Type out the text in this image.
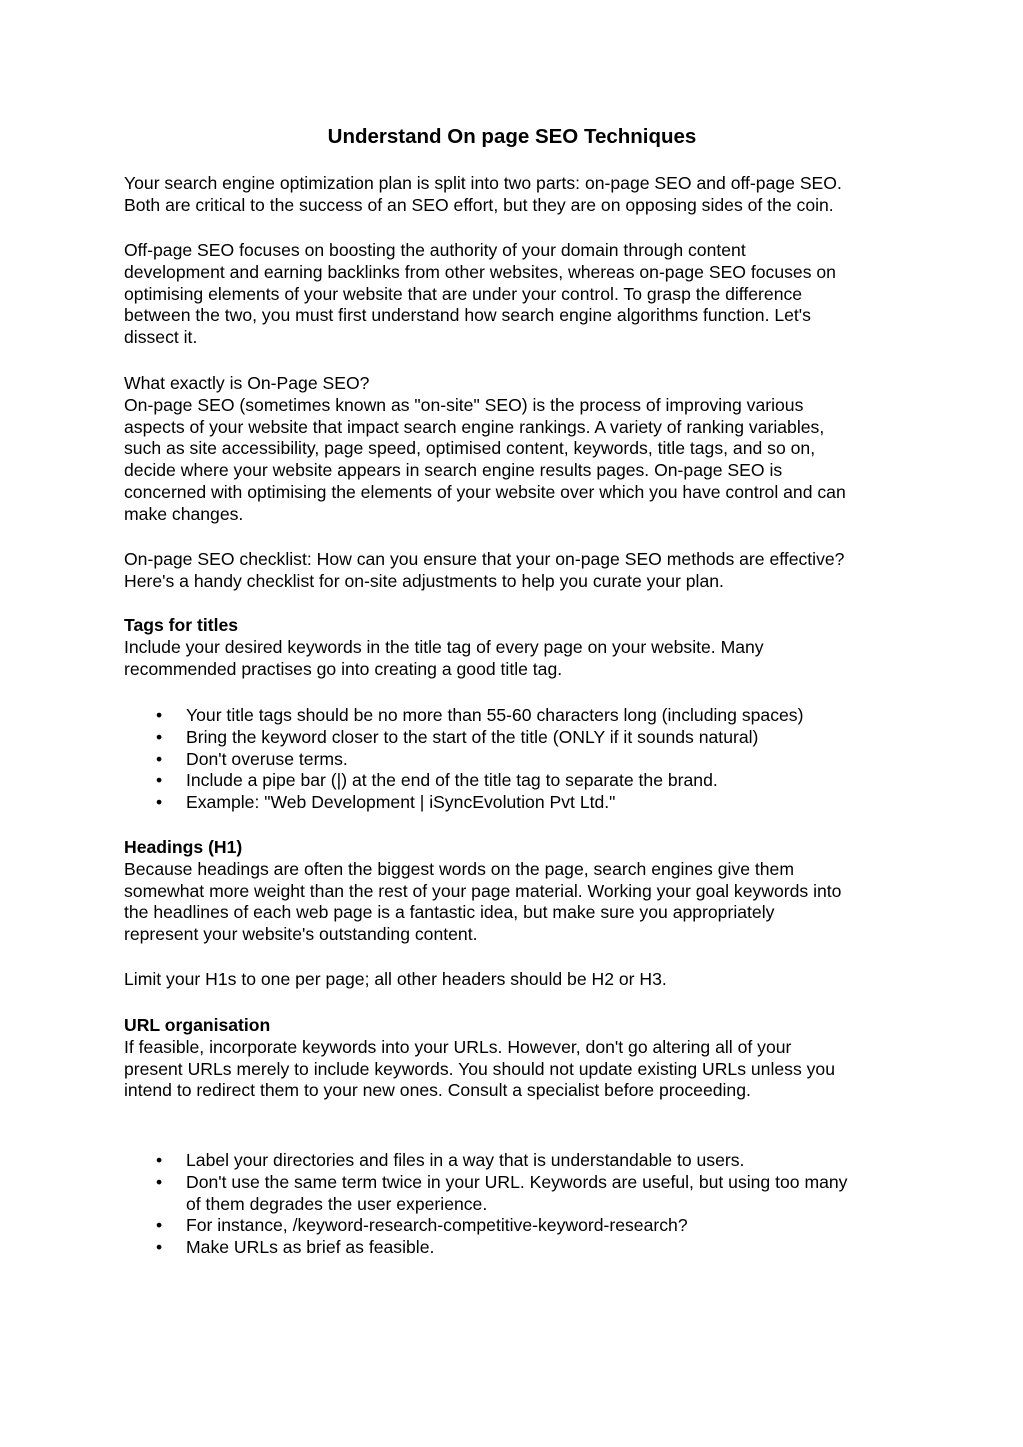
Understand On page SEO Techniques

Your search engine optimization plan is split into two parts: on-page SEO and off-page SEO.
Both are critical to the success of an SEO effort, but they are on opposing sides of the coin.

Off-page SEO focuses on boosting the authority of your domain through content
development and earning backlinks from other websites, whereas on-page SEO focuses on
optimising elements of your website that are under your control. To grasp the difference
between the two, you must first understand how search engine algorithms function. Let's
dissect it.

What exactly is On-Page SEO?
On-page SEO (sometimes known as "on-site" SEO) is the process of improving various
aspects of your website that impact search engine rankings. A variety of ranking variables,
such as site accessibility, page speed, optimised content, keywords, title tags, and so on,
decide where your website appears in search engine results pages. On-page SEO is
concerned with optimising the elements of your website over which you have control and can
make changes.

On-page SEO checklist: How can you ensure that your on-page SEO methods are effective?
Here's a handy checklist for on-site adjustments to help you curate your plan.

Tags for titles
Include your desired keywords in the title tag of every page on your website. Many
recommended practises go into creating a good title tag.
• Your title tags should be no more than 55-60 characters long (including spaces)
• Bring the keyword closer to the start of the title (ONLY if it sounds natural)
• Don't overuse terms.
• Include a pipe bar (|) at the end of the title tag to separate the brand.
• Example: "Web Development | iSyncEvolution Pvt Ltd."
Headings (H1)
Because headings are often the biggest words on the page, search engines give them
somewhat more weight than the rest of your page material. Working your goal keywords into
the headlines of each web page is a fantastic idea, but make sure you appropriately
represent your website's outstanding content.

Limit your H1s to one per page; all other headers should be H2 or H3.

URL organisation
If feasible, incorporate keywords into your URLs. However, don't go altering all of your
present URLs merely to include keywords. You should not update existing URLs unless you
intend to redirect them to your new ones. Consult a specialist before proceeding.
• Label your directories and files in a way that is understandable to users.
• Don't use the same term twice in your URL. Keywords are useful, but using too many
of them degrades the user experience.
• For instance, /keyword-research-competitive-keyword-research?
• Make URLs as brief as feasible.
